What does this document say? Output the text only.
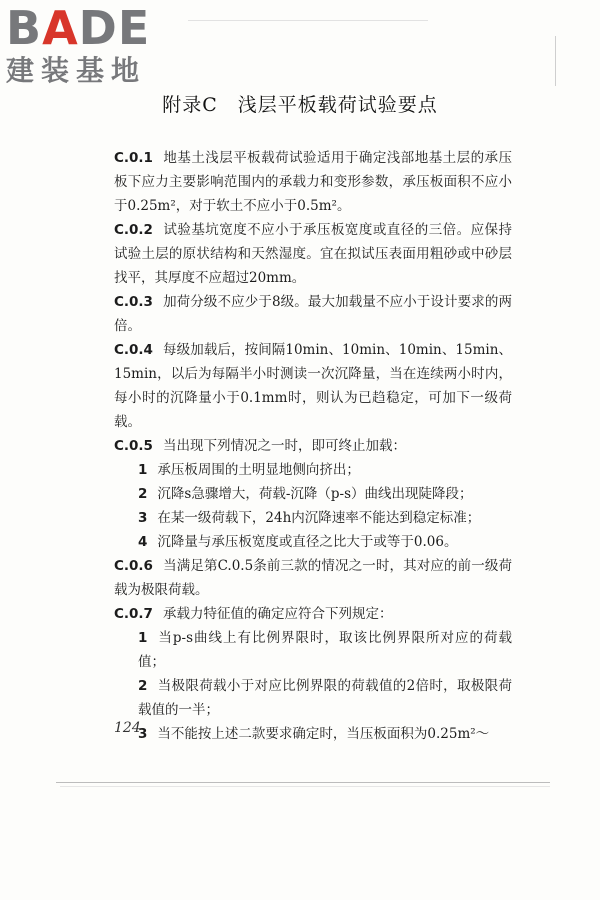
BADE
建装基地
附录C　浅层平板载荷试验要点

C.0.1 地基土浅层平板载荷试验适用于确定浅部地基土层的承压板下应力主要影响范围内的承载力和变形参数，承压板面积不应小于0.25m²，对于软土不应小于0.5m²。

C.0.2 试验基坑宽度不应小于承压板宽度或直径的三倍。应保持试验土层的原状结构和天然湿度。宜在拟试压表面用粗砂或中砂层找平，其厚度不应超过20mm。

C.0.3 加荷分级不应少于8级。最大加载量不应小于设计要求的两倍。

C.0.4 每级加载后，按间隔10min、10min、10min、15min、15min，以后为每隔半小时测读一次沉降量，当在连续两小时内，每小时的沉降量小于0.1mm时，则认为已趋稳定，可加下一级荷载。

C.0.5 当出现下列情况之一时，即可终止加载：

1 承压板周围的土明显地侧向挤出；

2 沉降s急骤增大，荷载-沉降（p-s）曲线出现陡降段；

3 在某一级荷载下，24h内沉降速率不能达到稳定标准；

4 沉降量与承压板宽度或直径之比大于或等于0.06。

C.0.6 当满足第C.0.5条前三款的情况之一时，其对应的前一级荷载为极限荷载。

C.0.7 承载力特征值的确定应符合下列规定：

1 当p-s曲线上有比例界限时，取该比例界限所对应的荷载值；

2 当极限荷载小于对应比例界限的荷载值的2倍时，取极限荷载值的一半；

3 当不能按上述二款要求确定时，当压板面积为0.25m²～

124
